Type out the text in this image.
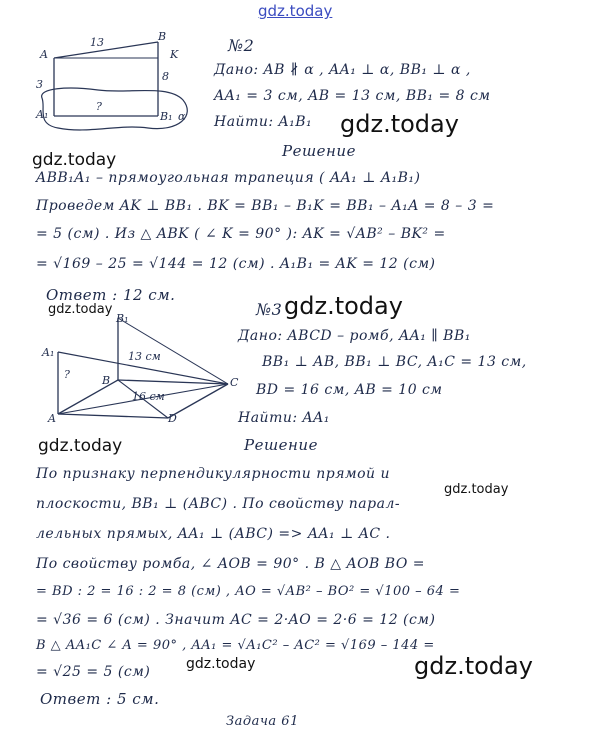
gdz.today
A
B
K
13
3
8
?
A₁	B₁ α
№2
Дано: AB ∦ α , AA₁ ⊥ α, BB₁ ⊥ α ,
AA₁ = 3 см, AB = 13 см, BB₁ = 8 см
Найти: A₁B₁ gdz.today
gdz.today	Решение
ABB₁A₁ – прямоугольная трапеция ( AA₁ ⊥ A₁B₁)
Проведем AK ⊥ BB₁ . BK = BB₁ – B₁K = BB₁ – A₁A = 8 – 3 =
= 5 (см) . Из △ ABK ( ∠ K = 90° ): AK = √AB² – BK² =
= √169 – 25 = √144 = 12 (см) . A₁B₁ = AK = 12 (см)
Ответ : 12 см.
gdz.today	gdz.today
B₁
A₁	13 см
?	B
16 см
C
A	D
№3
Дано: ABCD – ромб, AA₁ ∥ BB₁
BB₁ ⊥ AB, BB₁ ⊥ BC, A₁C = 13 см,
BD = 16 см, AB = 10 см
Найти: AA₁
gdz.today	Решение
По признаку перпендикулярности прямой и
gdz.today
плоскости, BB₁ ⊥ (ABC) . По свойству парал-
лельных прямых, AA₁ ⊥ (ABC) => AA₁ ⊥ AC .
По свойству ромба, ∠ AOB = 90° . В △ AOB BO =
= BD : 2 = 16 : 2 = 8 (см) , AO = √AB² – BO² = √100 – 64 =
= √36 = 6 (см) . Значит AC = 2·AO = 2·6 = 12 (см)
В △ AA₁C ∠ A = 90° , AA₁ = √A₁C² – AC² = √169 – 144 =
= √25 = 5 (см)	gdz.today	gdz.today
Ответ : 5 см.
Задача 61
